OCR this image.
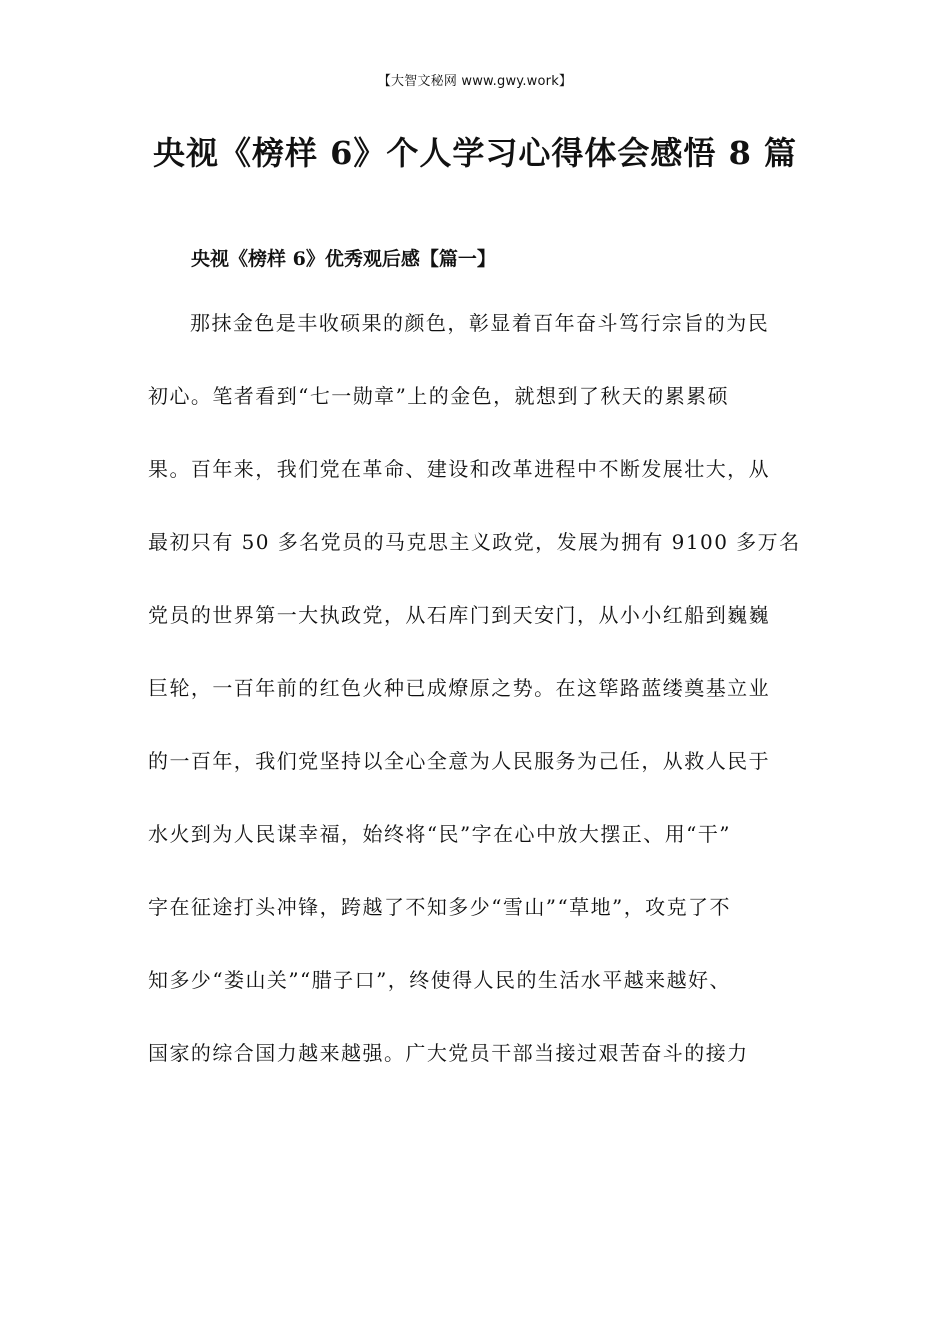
【大智文秘网 www.gwy.work】
央视《榜样 6》个人学习心得体会感悟 8 篇
央视《榜样 6》优秀观后感【篇一】
那抹金色是丰收硕果的颜色，彰显着百年奋斗笃行宗旨的为民
初心。笔者看到“七一勋章”上的金色，就想到了秋天的累累硕
果。百年来，我们党在革命、建设和改革进程中不断发展壮大，从
最初只有 50 多名党员的马克思主义政党，发展为拥有 9100 多万名
党员的世界第一大执政党，从石库门到天安门，从小小红船到巍巍
巨轮，一百年前的红色火种已成燎原之势。在这筚路蓝缕奠基立业
的一百年，我们党坚持以全心全意为人民服务为己任，从救人民于
水火到为人民谋幸福，始终将“民”字在心中放大摆正、用“干”
字在征途打头冲锋，跨越了不知多少“雪山”“草地”，攻克了不
知多少“娄山关”“腊子口”，终使得人民的生活水平越来越好、
国家的综合国力越来越强。广大党员干部当接过艰苦奋斗的接力
